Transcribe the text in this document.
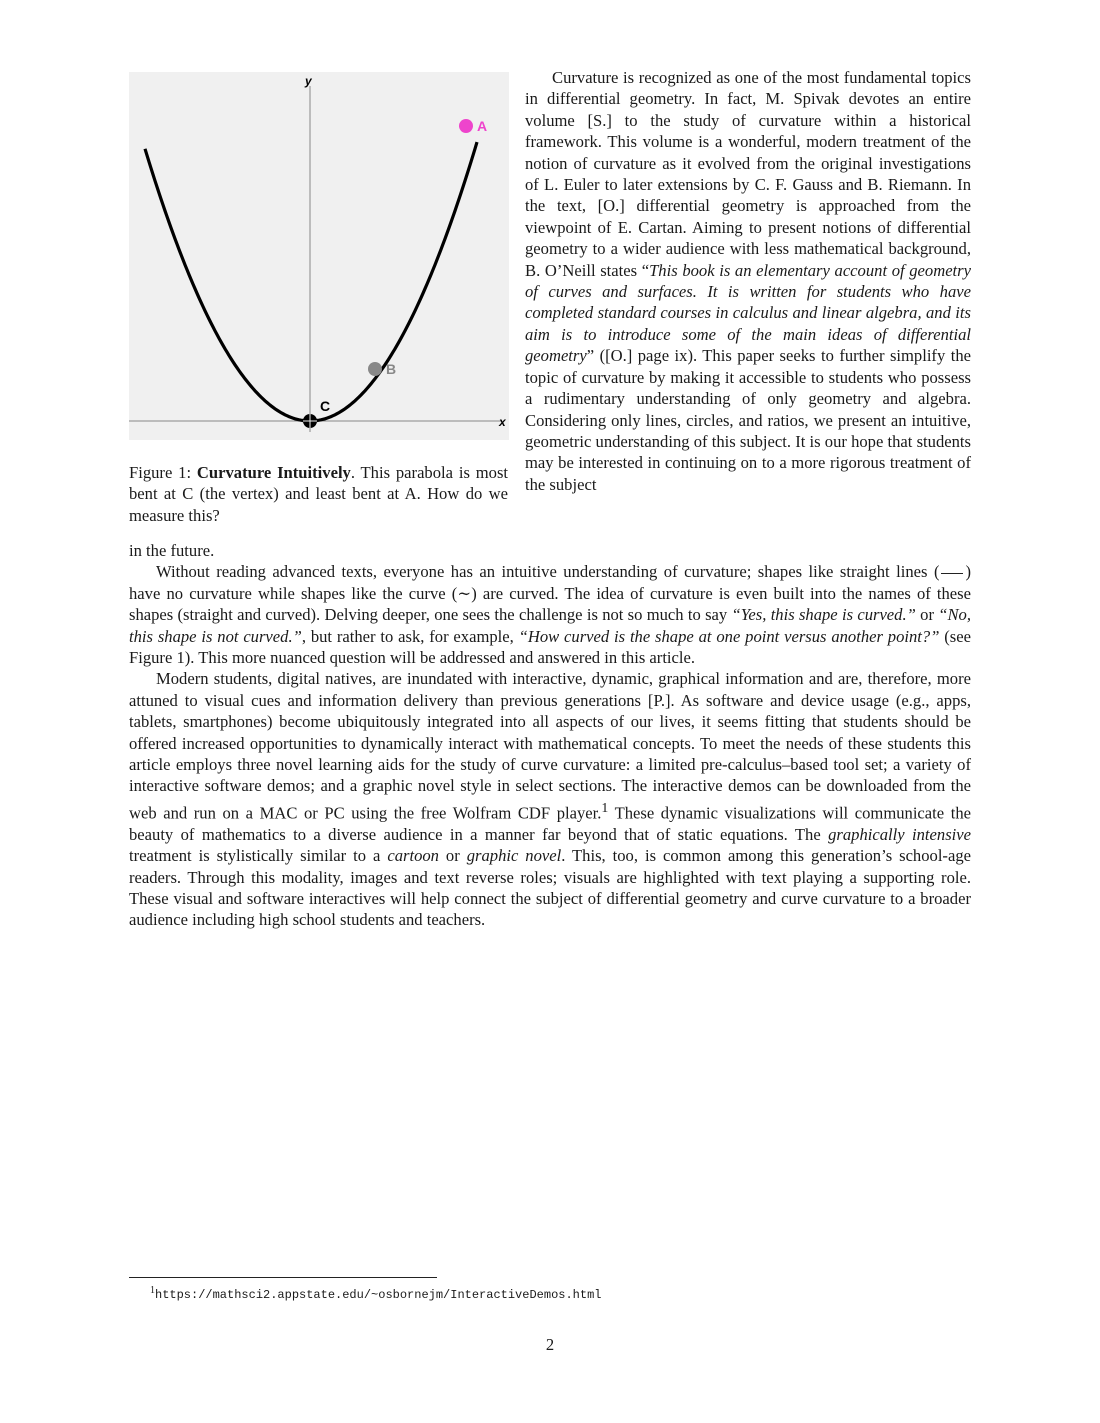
y
x
A
B
C
Figure 1: Curvature Intuitively. This parabola is most bent at C (the vertex) and least bent at A. How do we measure this?

Curvature is recognized as one of the most fundamental topics in differential geometry. In fact, M. Spivak devotes an entire volume [S.] to the study of curvature within a historical framework. This volume is a wonderful, modern treatment of the notion of curvature as it evolved from the original investigations of L. Euler to later extensions by C. F. Gauss and B. Riemann. In the text, [O.] differential geometry is approached from the viewpoint of E. Cartan. Aiming to present notions of differential geometry to a wider audience with less mathematical background, B. O’Neill states “This book is an elementary account of geometry of curves and surfaces. It is written for students who have completed standard courses in calculus and linear algebra, and its aim is to introduce some of the main ideas of differential geometry” ([O.] page ix). This paper seeks to further simplify the topic of curvature by making it accessible to students who possess a rudimentary understanding of only geometry and algebra. Considering only lines, circles, and ratios, we present an intuitive, geometric understanding of this subject. It is our hope that students may be interested in continuing on to a more rigorous treatment of the subject

in the future.

Without reading advanced texts, everyone has an intuitive understanding of curvature; shapes like straight lines ( ) have no curvature while shapes like the curve (∼) are curved. The idea of curvature is even built into the names of these shapes (straight and curved). Delving deeper, one sees the challenge is not so much to say “Yes, this shape is curved.” or “No, this shape is not curved.”, but rather to ask, for example, “How curved is the shape at one point versus another point?” (see Figure 1). This more nuanced question will be addressed and answered in this article.

Modern students, digital natives, are inundated with interactive, dynamic, graphical information and are, therefore, more attuned to visual cues and information delivery than previous generations [P.]. As software and device usage (e.g., apps, tablets, smartphones) become ubiquitously integrated into all aspects of our lives, it seems fitting that students should be offered increased opportunities to dynamically interact with mathematical concepts. To meet the needs of these students this article employs three novel learning aids for the study of curve curvature: a limited pre-calculus–based tool set; a variety of interactive software demos; and a graphic novel style in select sections. The interactive demos can be downloaded from the web and run on a MAC or PC using the free Wolfram CDF player.$^1$ These dynamic visualizations will communicate the beauty of mathematics to a diverse audience in a manner far beyond that of static equations. The graphically intensive treatment is stylistically similar to a cartoon or graphic novel. This, too, is common among this generation’s school-age readers. Through this modality, images and text reverse roles; visuals are highlighted with text playing a supporting role. These visual and software interactives will help connect the subject of differential geometry and curve curvature to a broader audience including high school students and teachers.

$^1$https://mathsci2.appstate.edu/~osbornejm/InteractiveDemos.html
2
